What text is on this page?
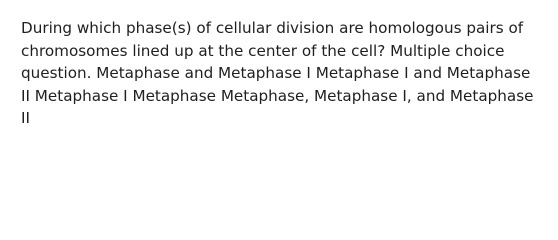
During which phase(s) of cellular division are homologous pairs of chromosomes lined up at the center of the cell? Multiple choice question. Metaphase and Metaphase I Metaphase I and Metaphase II Metaphase I Metaphase Metaphase, Metaphase I, and Metaphase II
